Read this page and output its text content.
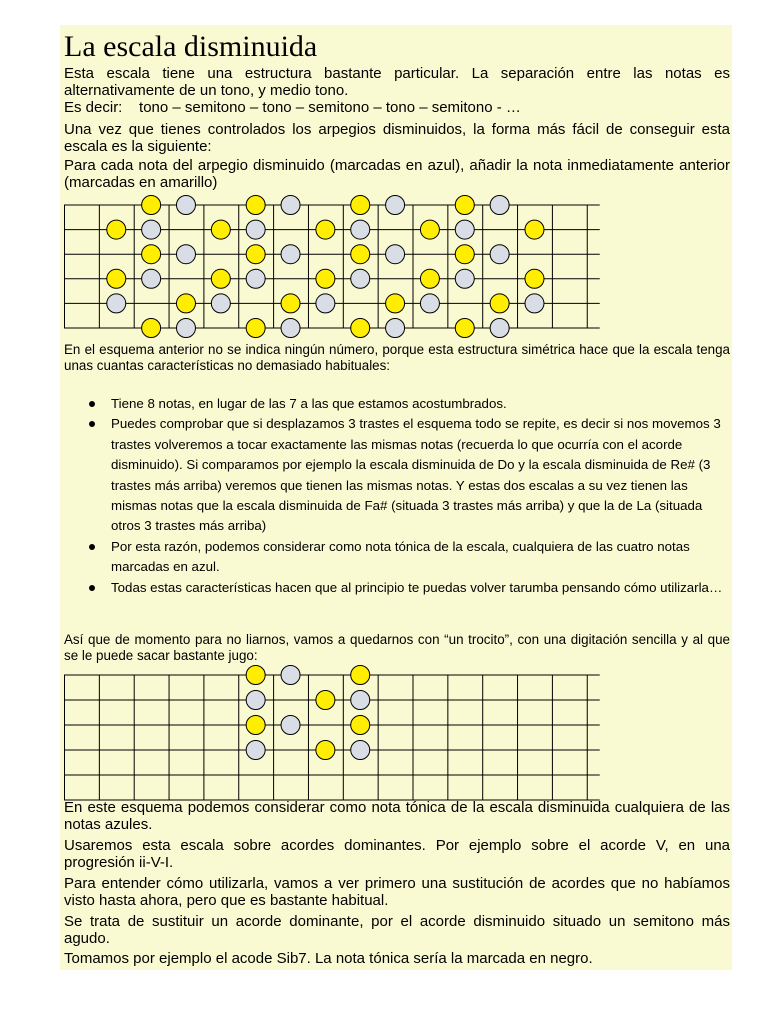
La escala disminuida

Esta escala tiene una estructura bastante particular. La separación entre las notas es alternativamente de un tono, y medio tono.

Es decir:    tono – semitono – tono – semitono – tono – semitono - …

Una vez que tienes controlados los arpegios disminuidos, la forma más fácil de conseguir esta escala es la siguiente:

Para cada nota del arpegio disminuido (marcadas en azul), añadir la nota inmediatamente anterior (marcadas en amarillo)

En el esquema anterior no se indica ningún número, porque esta estructura simétrica hace que la escala tenga unas cuantas características no demasiado habituales:

Tiene 8 notas, en lugar de las 7 a las que estamos acostumbrados.
Puedes comprobar que si desplazamos 3 trastes el esquema todo se repite, es decir si nos movemos 3 trastes volveremos a tocar exactamente las mismas notas (recuerda lo que ocurría con el acorde disminuido). Si comparamos por ejemplo la escala disminuida de Do y la escala disminuida de Re# (3 trastes más arriba) veremos que tienen las mismas notas. Y estas dos escalas a su vez tienen las mismas notas que la escala disminuida de Fa# (situada 3 trastes más arriba) y que la de La (situada otros 3 trastes más arriba)
Por esta razón, podemos considerar como nota tónica de la escala, cualquiera de las cuatro notas marcadas en azul.
Todas estas características hacen que al principio te puedas volver tarumba pensando cómo utilizarla…

Así que de momento para no liarnos, vamos a quedarnos con “un trocito”, con una digitación sencilla y al que se le puede sacar bastante jugo:

En este esquema podemos considerar como nota tónica de la escala disminuida cualquiera de las notas azules.

Usaremos esta escala sobre acordes dominantes. Por ejemplo sobre el acorde V, en una progresión ii-V-I.

Para entender cómo utilizarla, vamos a ver primero una sustitución de acordes que no habíamos visto hasta ahora, pero que es bastante habitual.

Se trata de sustituir un acorde dominante, por el acorde disminuido situado un semitono más agudo.

Tomamos por ejemplo el acode Sib7. La nota tónica sería la marcada en negro.
